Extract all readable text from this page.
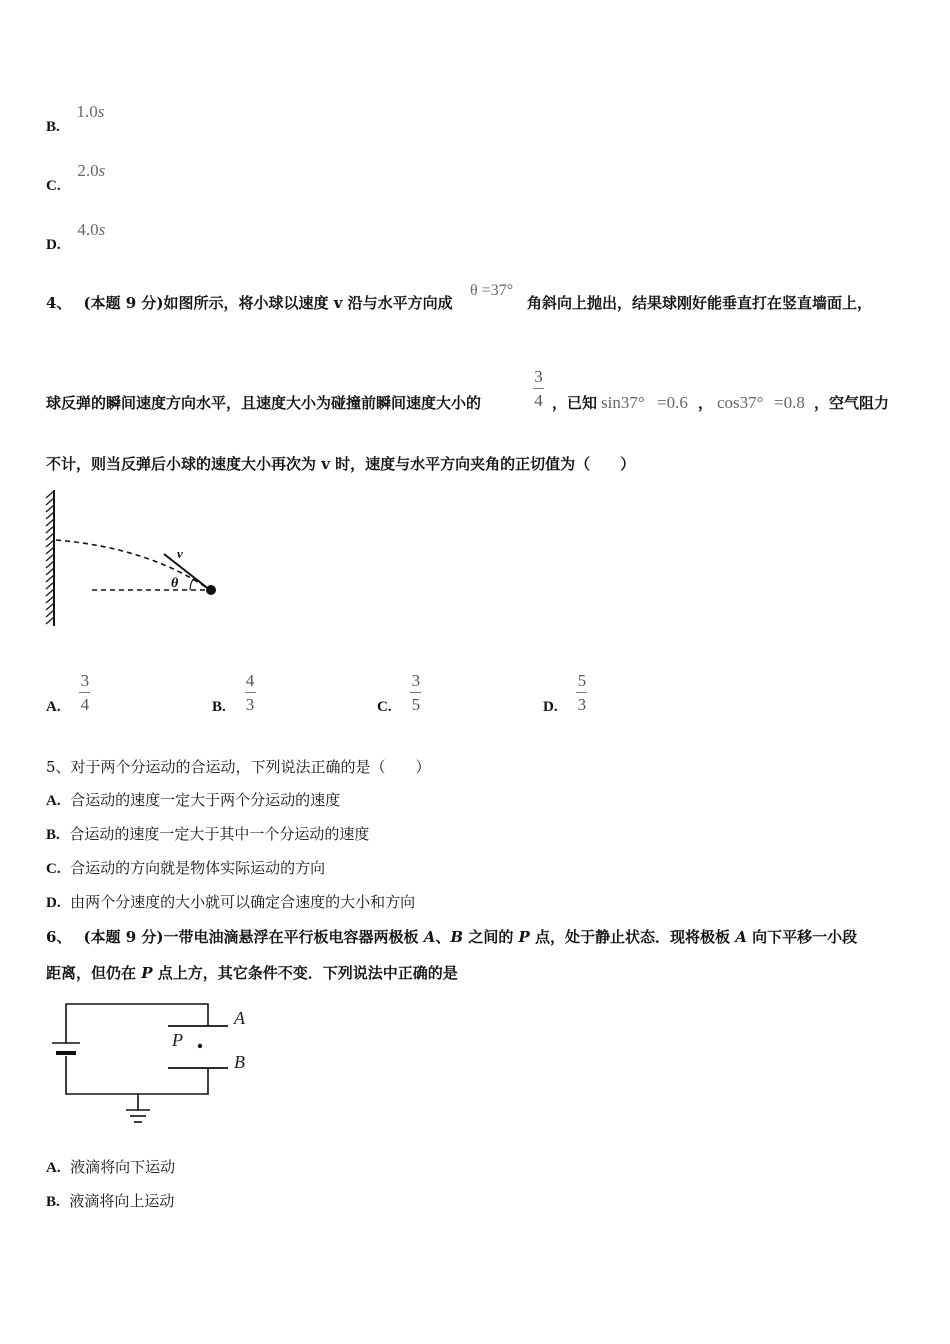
B. 1.0s
C. 2.0s
D. 4.0s
4、 (本题 9 分)如图所示，将小球以速度 v 沿与水平方向成
θ =37°
角斜向上抛出，结果球刚好能垂直打在竖直墙面上，
球反弹的瞬间速度方向水平，且速度大小为碰撞前瞬间速度大小的
3
4 ，已知 sin37° =0.6 ， cos37° =0.8 ，空气阻力
不计，则当反弹后小球的速度大小再次为 v 时，速度与水平方向夹角的正切值为（　　）
v
θ
A. $\frac{3}{4}$	B. $\frac{4}{3}$	C. $\frac{3}{5}$	D. $\frac{5}{3}$
5、对于两个分运动的合运动，下列说法正确的是（　　）
A. 合运动的速度一定大于两个分运动的速度
B. 合运动的速度一定大于其中一个分运动的速度
C. 合运动的方向就是物体实际运动的方向
D. 由两个分速度的大小就可以确定合速度的大小和方向
6、 (本题 9 分)一带电油滴悬浮在平行板电容器两极板 A、B 之间的 P 点，处于静止状态．现将极板 A 向下平移一小段
距离，但仍在 P 点上方，其它条件不变．下列说法中正确的是
A
B
P
A. 液滴将向下运动
B. 液滴将向上运动
